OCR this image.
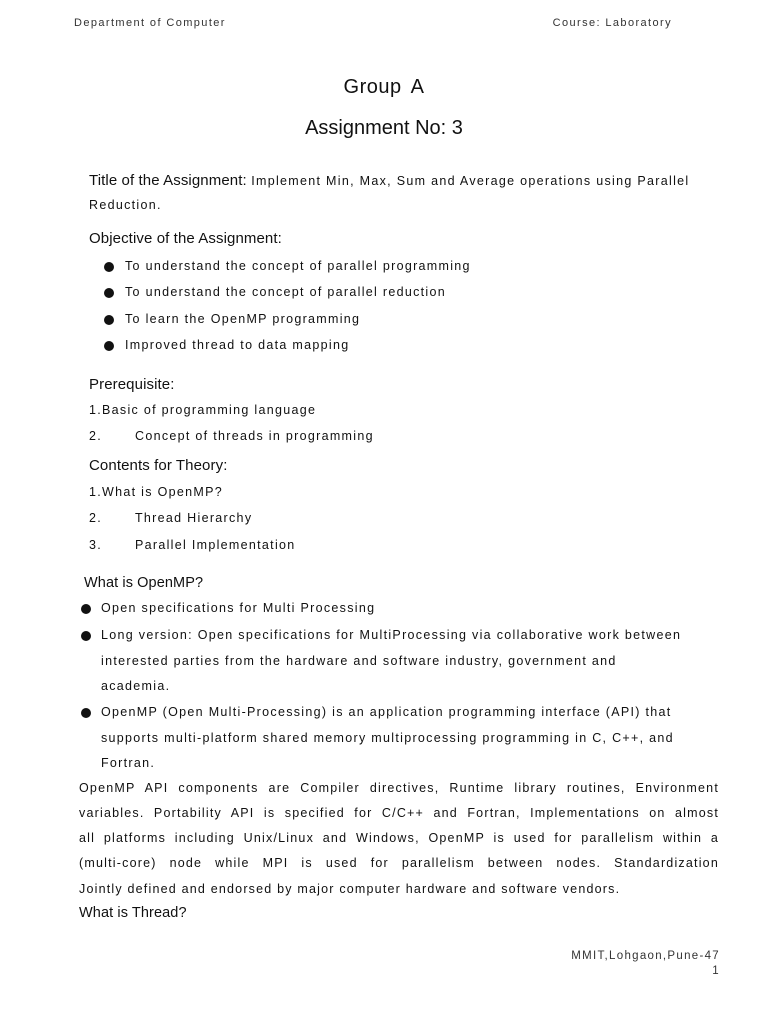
Department of Computer	Course: Laboratory
Group A
Assignment No: 3
Title of the Assignment: Implement Min, Max, Sum and Average operations using Parallel
Reduction.
Objective of the Assignment:
To understand the concept of parallel programming
To understand the concept of parallel reduction
To learn the OpenMP programming
Improved thread to data mapping
Prerequisite:
1.Basic of programming language
2.	Concept of threads in programming
Contents for Theory:
1.What is OpenMP?
2.	Thread Hierarchy
3.	Parallel Implementation
What is OpenMP?
Open specifications for Multi Processing
Long version: Open specifications for MultiProcessing via collaborative work between
interested parties from the hardware and software industry, government and
academia.
OpenMP (Open Multi-Processing) is an application programming interface (API) that
supports multi-platform shared memory multiprocessing programming in C, C++, and
Fortran.
OpenMP API components are Compiler directives, Runtime library routines, Environment
variables. Portability API is specified for C/C++ and Fortran, Implementations on almost
all platforms including Unix/Linux and Windows, OpenMP is used for parallelism within a
(multi-core) node while MPI is used for parallelism between nodes. Standardization
Jointly defined and endorsed by major computer hardware and software vendors.
What is Thread?
MMIT,Lohgaon,Pune-47
1
